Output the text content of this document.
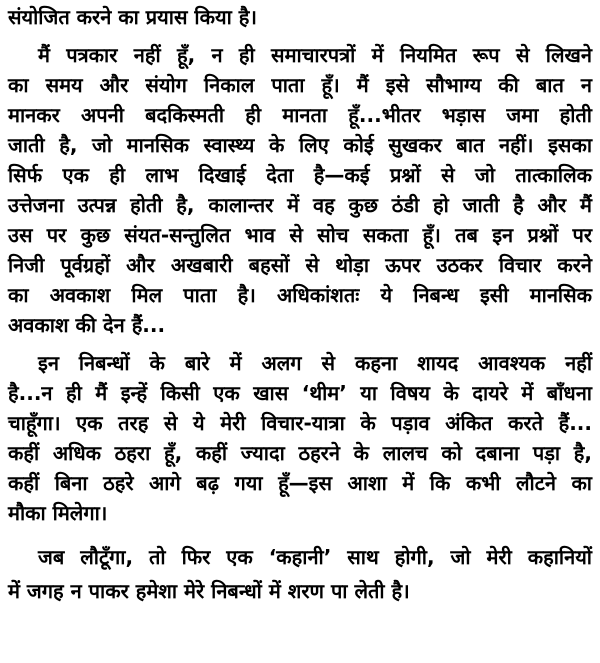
संयोजित करने का प्रयास किया है।
मैं पत्रकार नहीं हूँ, न ही समाचारपत्रों में नियमित रूप से लिखने
का समय और संयोग निकाल पाता हूँ। मैं इसे सौभाग्य की बात न
मानकर अपनी बदकिस्मती ही मानता हूँ...भीतर भड़ास जमा होती
जाती है, जो मानसिक स्वास्थ्य के लिए कोई सुखकर बात नहीं। इसका
सिर्फ एक ही लाभ दिखाई देता है—कई प्रश्नों से जो तात्कालिक
उत्तेजना उत्पन्न होती है, कालान्तर में वह कुछ ठंडी हो जाती है और मैं
उस पर कुछ संयत-सन्तुलित भाव से सोच सकता हूँ। तब इन प्रश्नों पर
निजी पूर्वग्रहों और अखबारी बहसों से थोड़ा ऊपर उठकर विचार करने
का अवकाश मिल पाता है। अधिकांशतः ये निबन्ध इसी मानसिक
अवकाश की देन हैं...
इन निबन्धों के बारे में अलग से कहना शायद आवश्यक नहीं
है...न ही मैं इन्हें किसी एक खास ‘थीम’ या विषय के दायरे में बाँधना
चाहूँगा। एक तरह से ये मेरी विचार-यात्रा के पड़ाव अंकित करते हैं...
कहीं अधिक ठहरा हूँ, कहीं ज्यादा ठहरने के लालच को दबाना पड़ा है,
कहीं बिना ठहरे आगे बढ़ गया हूँ—इस आशा में कि कभी लौटने का
मौका मिलेगा।
जब लौटूँगा, तो फिर एक ‘कहानी’ साथ होगी, जो मेरी कहानियों
में जगह न पाकर हमेशा मेरे निबन्धों में शरण पा लेती है।
